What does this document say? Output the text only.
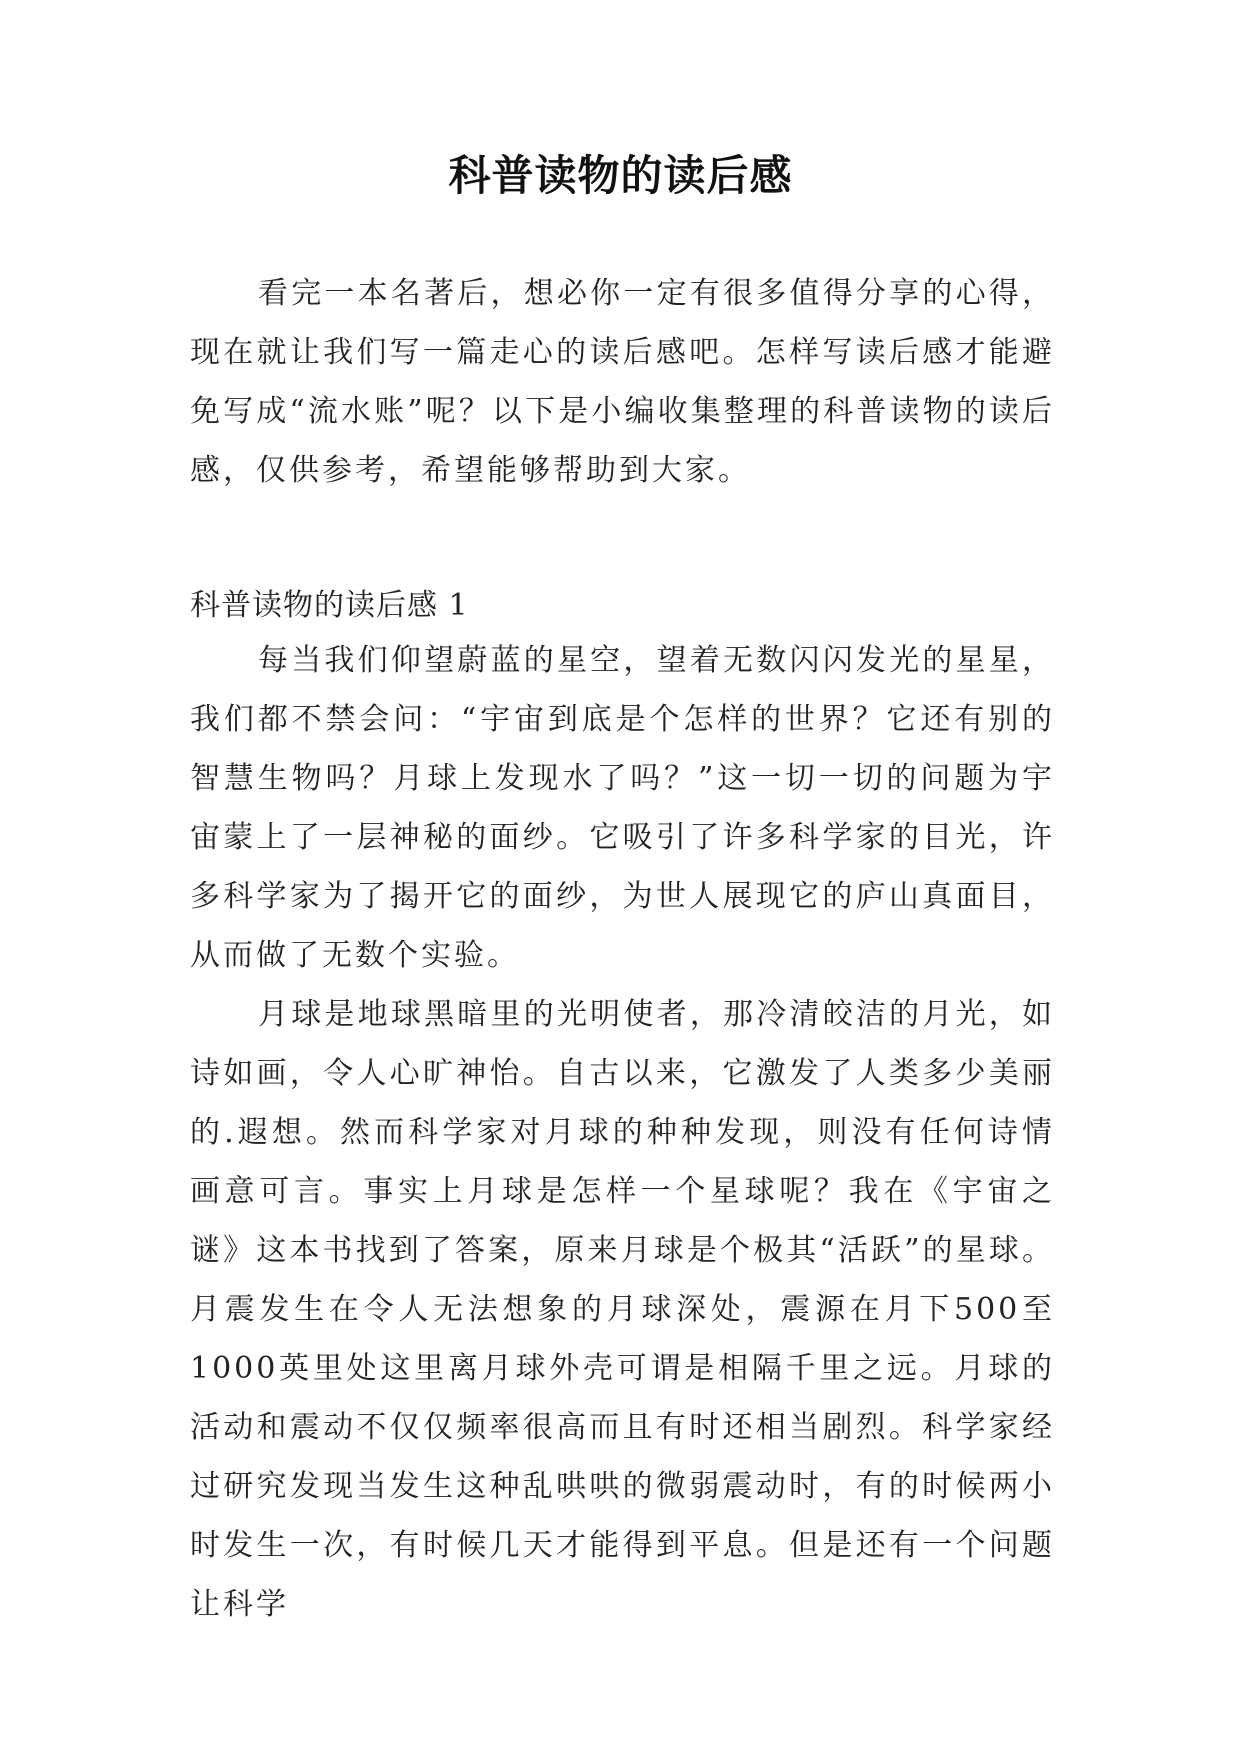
科普读物的读后感

看完一本名著后，想必你一定有很多值得分享的心得，现在就让我们写一篇走心的读后感吧。怎样写读后感才能避免写成“流水账”呢？以下是小编收集整理的科普读物的读后感，仅供参考，希望能够帮助到大家。

科普读物的读后感 1

每当我们仰望蔚蓝的星空，望着无数闪闪发光的星星，我们都不禁会问：“宇宙到底是个怎样的世界？它还有别的智慧生物吗？月球上发现水了吗？”这一切一切的问题为宇宙蒙上了一层神秘的面纱。它吸引了许多科学家的目光，许多科学家为了揭开它的面纱，为世人展现它的庐山真面目，从而做了无数个实验。

月球是地球黑暗里的光明使者，那冷清皎洁的月光，如诗如画，令人心旷神怡。自古以来，它激发了人类多少美丽的.遐想。然而科学家对月球的种种发现，则没有任何诗情画意可言。事实上月球是怎样一个星球呢？我在《宇宙之谜》这本书找到了答案，原来月球是个极其“活跃”的星球。月震发生在令人无法想象的月球深处，震源在月下500至1000英里处这里离月球外壳可谓是相隔千里之远。月球的活动和震动不仅仅频率很高而且有时还相当剧烈。科学家经过研究发现当发生这种乱哄哄的微弱震动时，有的时候两小时发生一次，有时候几天才能得到平息。但是还有一个问题让科学
